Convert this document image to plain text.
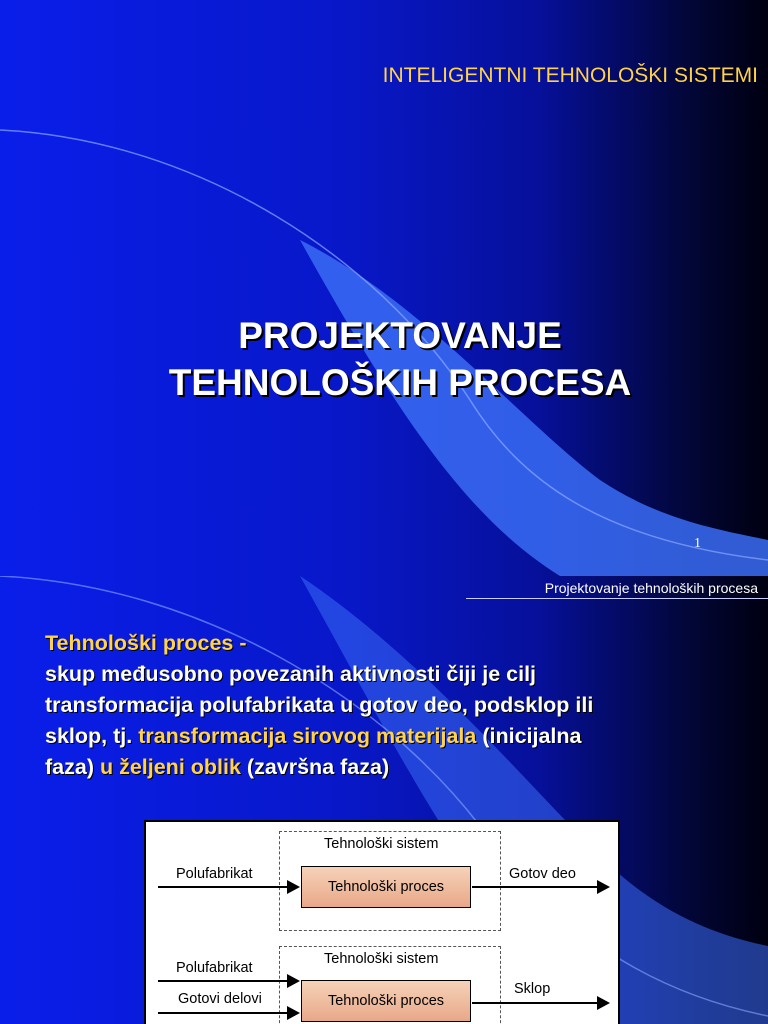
INTELIGENTNI TEHNOLOŠKI SISTEMI
PROJEKTOVANJE
TEHNOLOŠKIH PROCESA
1
Projektovanje tehnoloških procesa
Tehnološki proces -
skup međusobno povezanih aktivnosti čiji je cilj
transformacija polufabrikata u gotov deo, podsklop ili
sklop, tj. transformacija sirovog materijala (inicijalna
faza) u željeni oblik (završna faza)
Tehnološki sistem
Polufabrikat
Tehnološki proces
Gotov deo
Tehnološki sistem
Polufabrikat
Gotovi delovi	Tehnološki proces
Sklop
